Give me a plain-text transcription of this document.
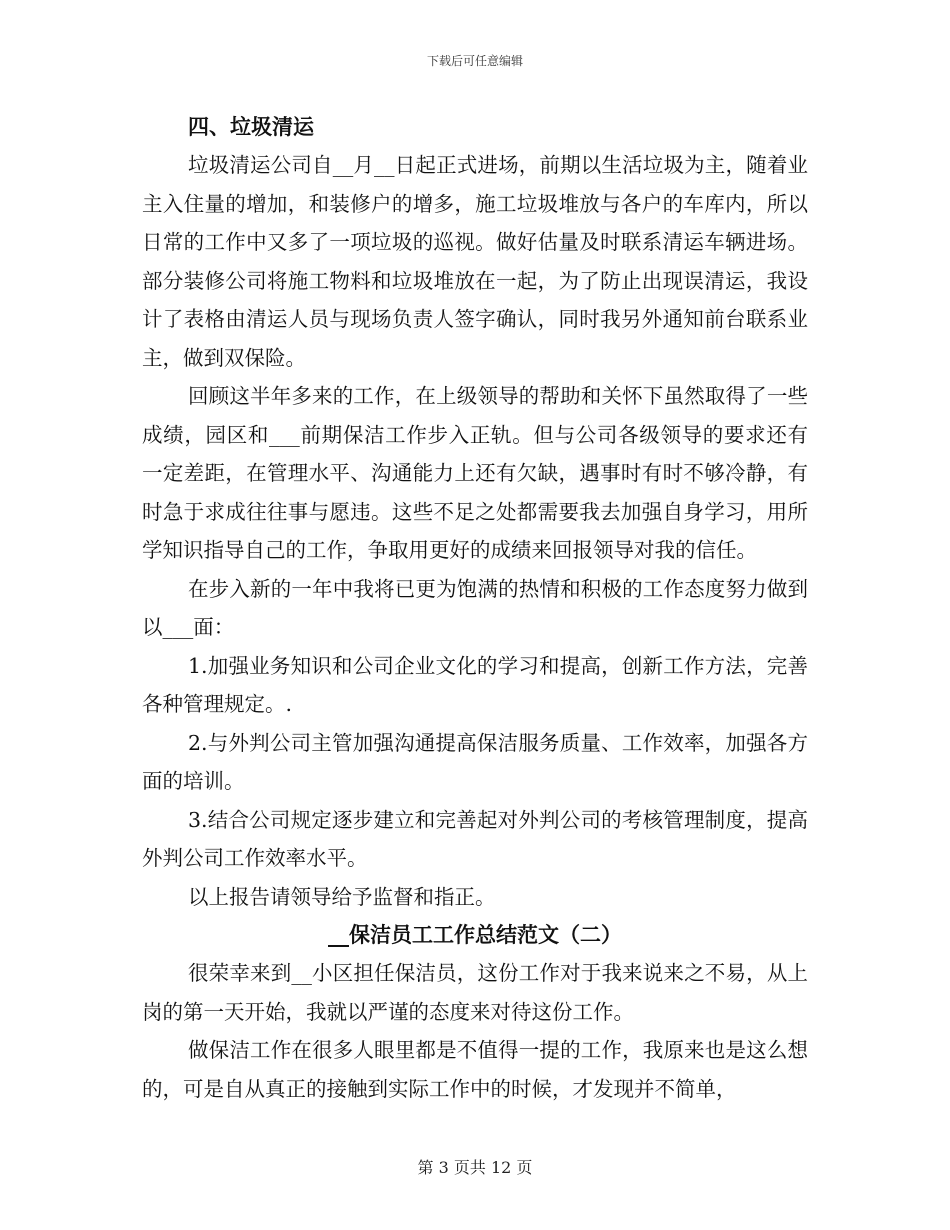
下载后可任意编辑
四、垃圾清运

垃圾清运公司自__月__日起正式进场，前期以生活垃圾为主，随着业主入住量的增加，和装修户的增多，施工垃圾堆放与各户的车库内，所以日常的工作中又多了一项垃圾的巡视。做好估量及时联系清运车辆进场。部分装修公司将施工物料和垃圾堆放在一起，为了防止出现误清运，我设计了表格由清运人员与现场负责人签字确认，同时我另外通知前台联系业主，做到双保险。

回顾这半年多来的工作，在上级领导的帮助和关怀下虽然取得了一些成绩，园区和___前期保洁工作步入正轨。但与公司各级领导的要求还有一定差距，在管理水平、沟通能力上还有欠缺，遇事时有时不够冷静，有时急于求成往往事与愿违。这些不足之处都需要我去加强自身学习，用所学知识指导自己的工作，争取用更好的成绩来回报领导对我的信任。

在步入新的一年中我将已更为饱满的热情和积极的工作态度努力做到以___面：

1.加强业务知识和公司企业文化的学习和提高，创新工作方法，完善各种管理规定。.

2.与外判公司主管加强沟通提高保洁服务质量、工作效率，加强各方面的培训。

3.结合公司规定逐步建立和完善起对外判公司的考核管理制度，提高外判公司工作效率水平。

以上报告请领导给予监督和指正。

__保洁员工工作总结范文（二）

很荣幸来到__小区担任保洁员，这份工作对于我来说来之不易，从上岗的第一天开始，我就以严谨的态度来对待这份工作。

做保洁工作在很多人眼里都是不值得一提的工作，我原来也是这么想的，可是自从真正的接触到实际工作中的时候，才发现并不简单，

第 3 页共 12 页
